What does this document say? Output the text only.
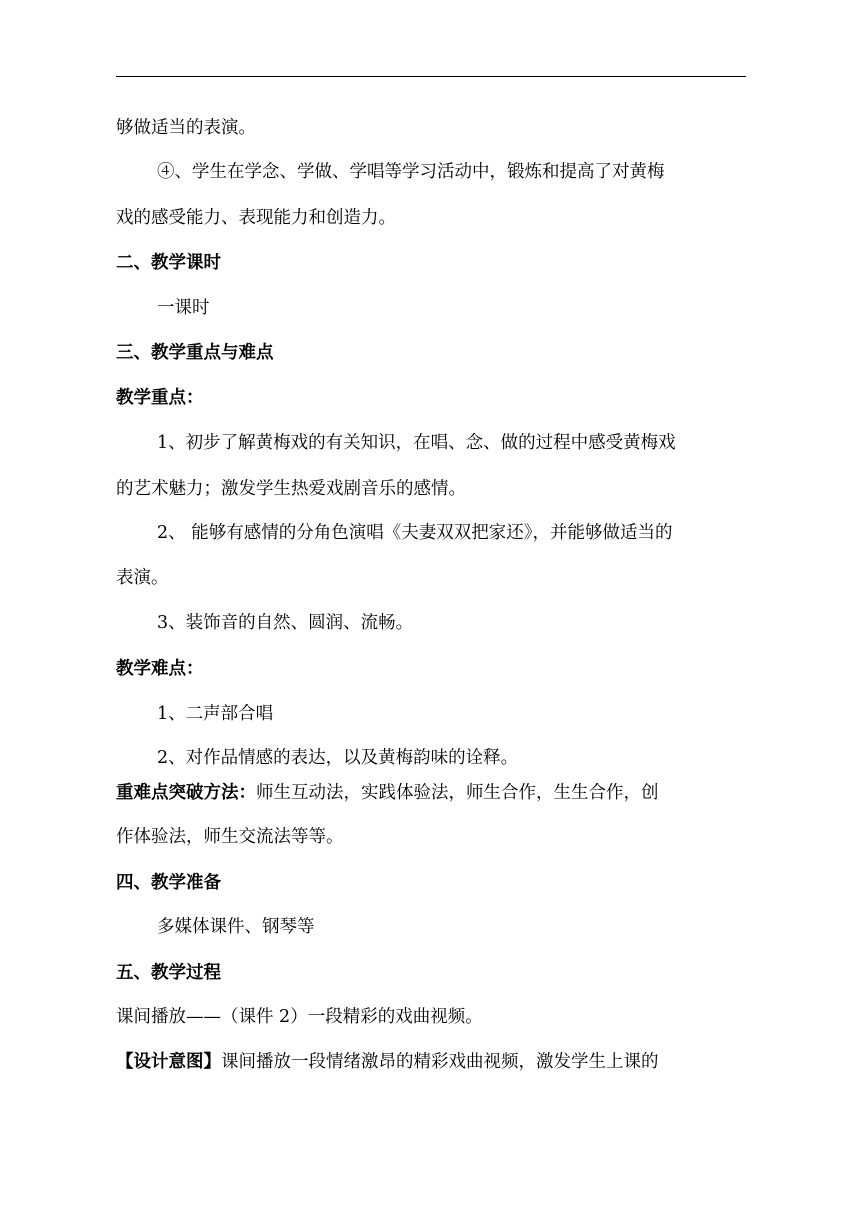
够做适当的表演。
④、学生在学念、学做、学唱等学习活动中，锻炼和提高了对黄梅
戏的感受能力、表现能力和创造力。
二、教学课时
一课时
三、教学重点与难点
教学重点：
1、初步了解黄梅戏的有关知识，在唱、念、做的过程中感受黄梅戏
的艺术魅力；激发学生热爱戏剧音乐的感情。
2、 能够有感情的分角色演唱《夫妻双双把家还》，并能够做适当的
表演。
3、装饰音的自然、圆润、流畅。
教学难点：
1、二声部合唱
2、对作品情感的表达，以及黄梅韵味的诠释。
重难点突破方法：师生互动法，实践体验法，师生合作，生生合作，创
作体验法，师生交流法等等。
四、教学准备
多媒体课件、钢琴等
五、教学过程
课间播放——（课件 2）一段精彩的戏曲视频。
【设计意图】课间播放一段情绪激昂的精彩戏曲视频，激发学生上课的
